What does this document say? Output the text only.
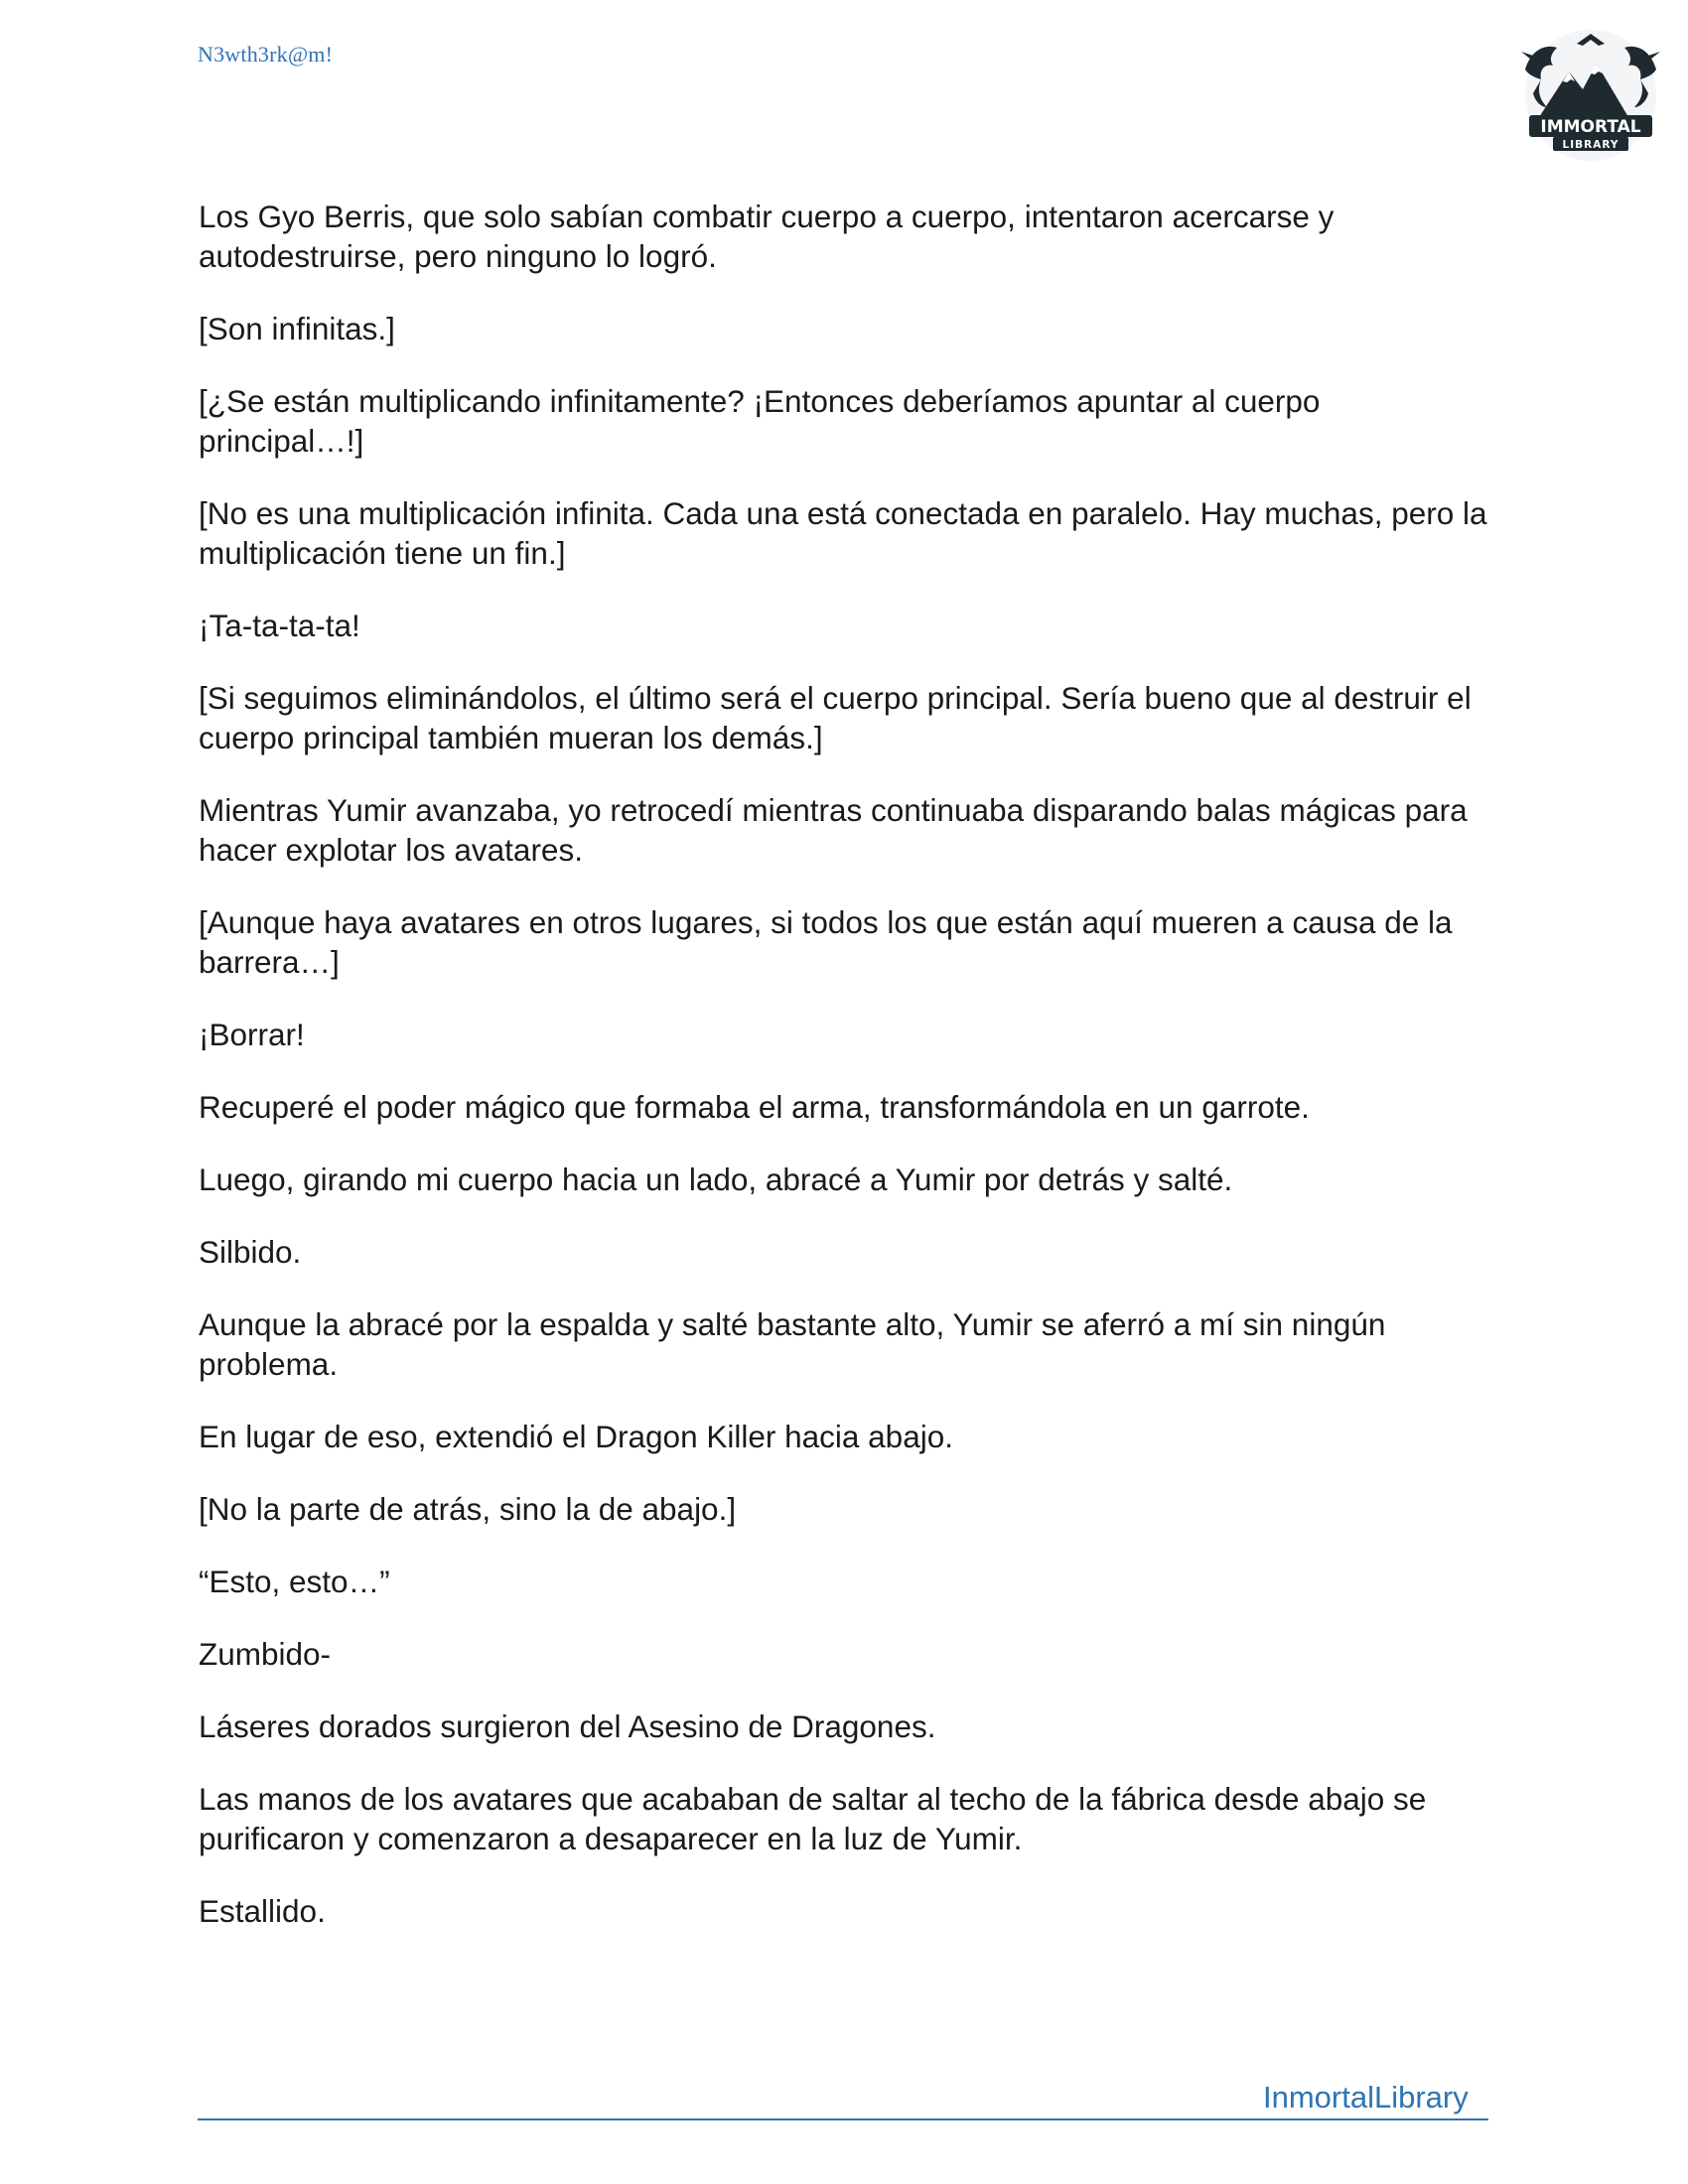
N3wth3rk@m!
IMMORTAL
LIBRARY

Los Gyo Berris, que solo sabían combatir cuerpo a cuerpo, intentaron acercarse y autodestruirse, pero ninguno lo logró.

[Son infinitas.]

[¿Se están multiplicando infinitamente? ¡Entonces deberíamos apuntar al cuerpo principal…!]

[No es una multiplicación infinita. Cada una está conectada en paralelo. Hay muchas, pero la multiplicación tiene un fin.]

¡Ta-ta-ta-ta!

[Si seguimos eliminándolos, el último será el cuerpo principal. Sería bueno que al destruir el cuerpo principal también mueran los demás.]

Mientras Yumir avanzaba, yo retrocedí mientras continuaba disparando balas mágicas para hacer explotar los avatares.

[Aunque haya avatares en otros lugares, si todos los que están aquí mueren a causa de la barrera…]

¡Borrar!

Recuperé el poder mágico que formaba el arma, transformándola en un garrote.

Luego, girando mi cuerpo hacia un lado, abracé a Yumir por detrás y salté.

Silbido.

Aunque la abracé por la espalda y salté bastante alto, Yumir se aferró a mí sin ningún problema.

En lugar de eso, extendió el Dragon Killer hacia abajo.

[No la parte de atrás, sino la de abajo.]

“Esto, esto…”

Zumbido-

Láseres dorados surgieron del Asesino de Dragones.

Las manos de los avatares que acababan de saltar al techo de la fábrica desde abajo se purificaron y comenzaron a desaparecer en la luz de Yumir.

Estallido.

InmortalLibrary
